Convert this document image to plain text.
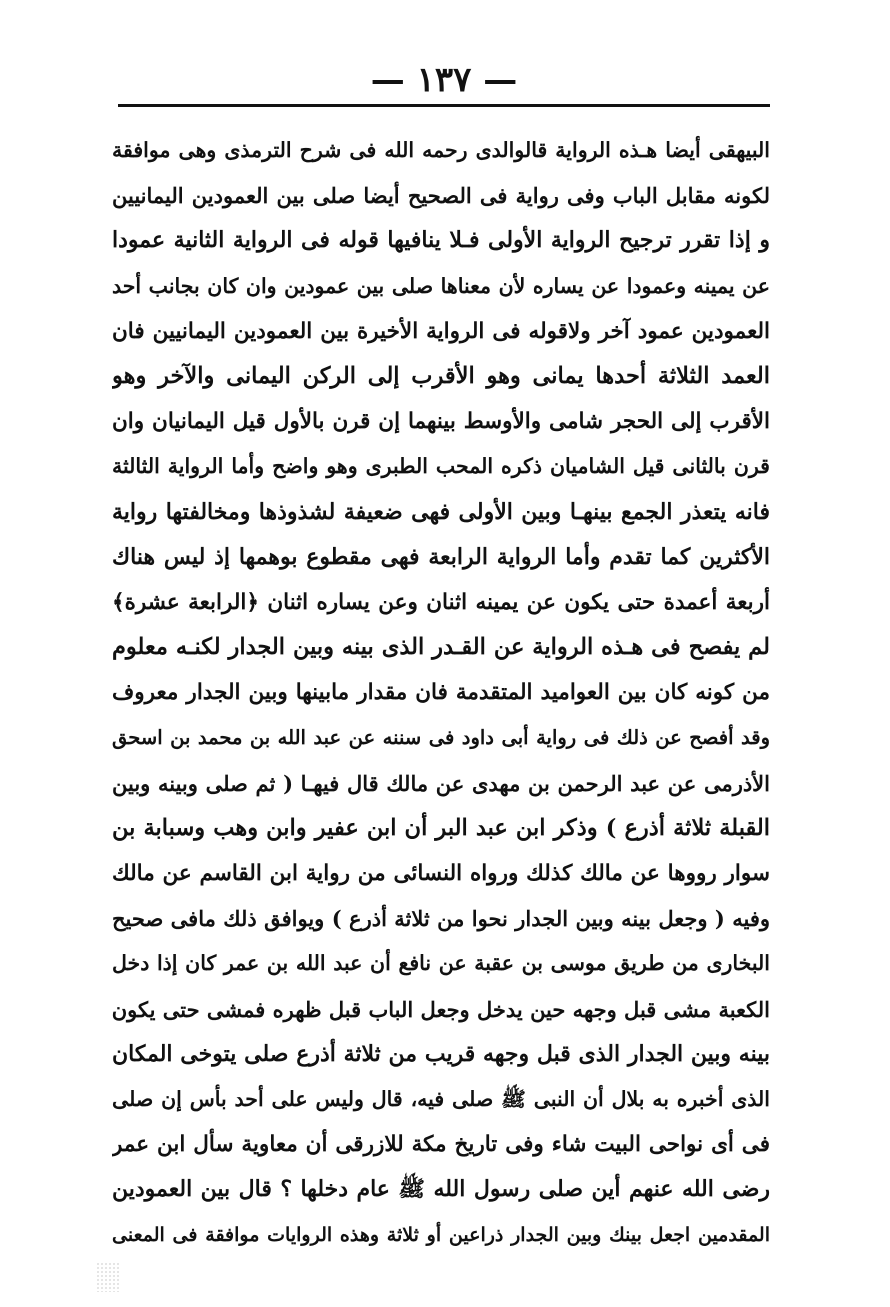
— ١٣٧ —
البيهقى أيضا هـذه الرواية قالوالدى رحمه الله فى شرح الترمذى وهى موافقة
لكونه مقابل الباب وفى رواية فى الصحيح أيضا صلى بين العمودين اليمانيين
و إذا تقرر ترجيح الرواية الأولى فـلا ينافيها قوله فى الرواية الثانية عمودا
عن يمينه وعمودا عن يساره لأن معناها صلى بين عمودين وان كان بجانب أحد
العمودين عمود آخر ولاقوله فى الرواية الأخيرة بين العمودين اليمانيين فان
العمد الثلاثة أحدها يمانى وهو الأقرب إلى الركن اليمانى والآخر وهو
الأقرب إلى الحجر شامى والأوسط بينهما إن قرن بالأول قيل اليمانيان وان
قرن بالثانى قيل الشاميان ذكره المحب الطبرى وهو واضح وأما الرواية الثالثة
فانه يتعذر الجمع بينهـا وبين الأولى فهى ضعيفة لشذوذها ومخالفتها رواية
الأكثرين كما تقدم وأما الرواية الرابعة فهى مقطوع بوهمها إذ ليس هناك
أربعة أعمدة حتى يكون عن يمينه اثنان وعن يساره اثنان ﴿الرابعة عشرة﴾
لم يفصح فى هـذه الرواية عن القـدر الذى بينه وبين الجدار لكنـه معلوم
من كونه كان بين العواميد المتقدمة فان مقدار مابينها وبين الجدار معروف
وقد أفصح عن ذلك فى رواية أبى داود فى سننه عن عبد الله بن محمد بن اسحق
الأذرمى عن عبد الرحمن بن مهدى عن مالك قال فيهـا ( ثم صلى وبينه وبين
القبلة ثلاثة أذرع ) وذكر ابن عبد البر أن ابن عفير وابن وهب وسبابة بن
سوار رووها عن مالك كذلك ورواه النسائى من رواية ابن القاسم عن مالك
وفيه ( وجعل بينه وبين الجدار نحوا من ثلاثة أذرع ) ويوافق ذلك مافى صحيح
البخارى من طريق موسى بن عقبة عن نافع أن عبد الله بن عمر كان إذا دخل
الكعبة مشى قبل وجهه حين يدخل وجعل الباب قبل ظهره فمشى حتى يكون
بينه وبين الجدار الذى قبل وجهه قريب من ثلاثة أذرع صلى يتوخى المكان
الذى أخبره به بلال أن النبى ﷺ صلى فيه، قال وليس على أحد بأس إن صلى
فى أى نواحى البيت شاء وفى تاريخ مكة للازرقى أن معاوية سأل ابن عمر
رضى الله عنهم أين صلى رسول الله ﷺ عام دخلها ؟ قال بين العمودين
المقدمين اجعل بينك وبين الجدار ذراعين أو ثلاثة وهذه الروايات موافقة فى المعنى
